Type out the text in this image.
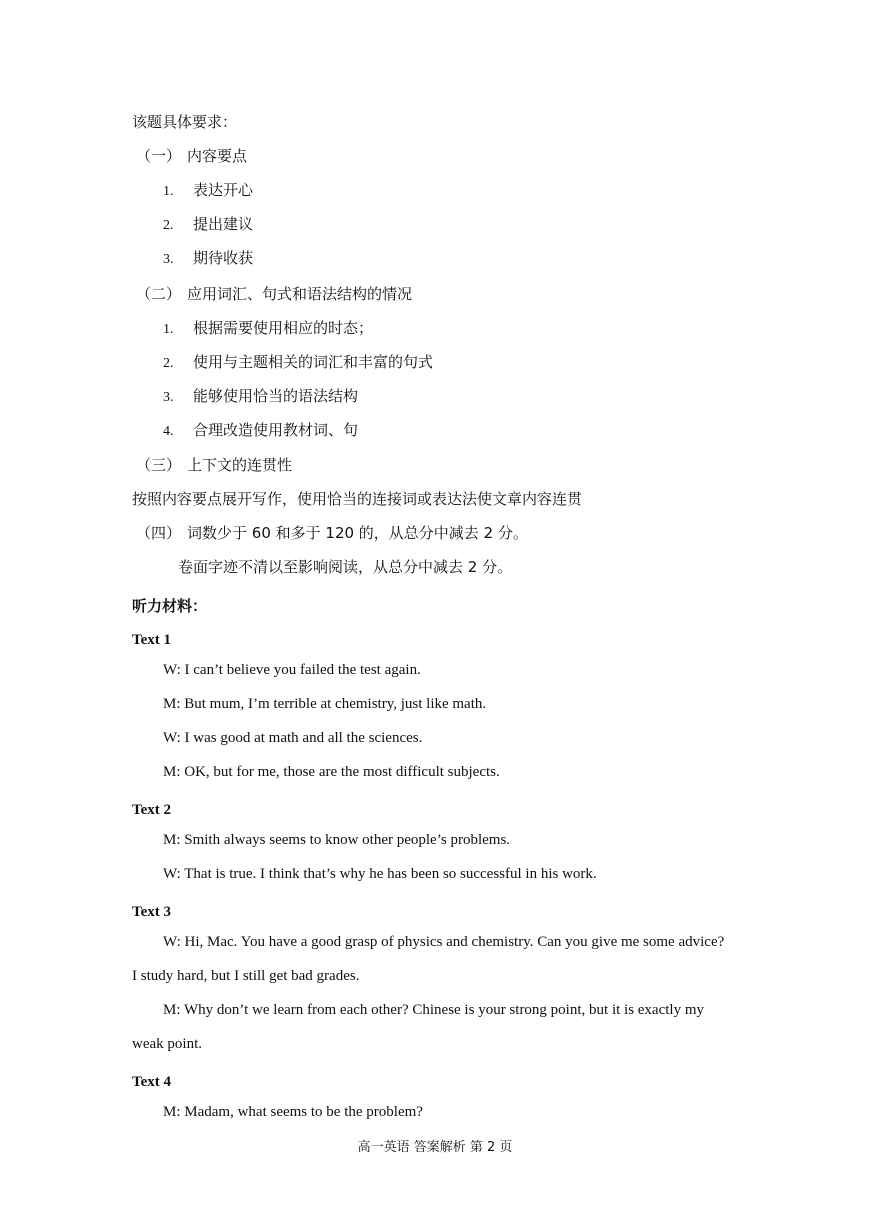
该题具体要求：
（一） 内容要点
1. 表达开心
2. 提出建议
3. 期待收获
（二） 应用词汇、句式和语法结构的情况
1. 根据需要使用相应的时态；
2. 使用与主题相关的词汇和丰富的句式
3. 能够使用恰当的语法结构
4. 合理改造使用教材词、句
（三） 上下文的连贯性
按照内容要点展开写作，使用恰当的连接词或表达法使文章内容连贯
（四） 词数少于 60 和多于 120 的，从总分中减去 2 分。
卷面字迹不清以至影响阅读，从总分中减去 2 分。
听力材料：
Text 1
W: I can’t believe you failed the test again.
M: But mum, I’m terrible at chemistry, just like math.
W: I was good at math and all the sciences.
M: OK, but for me, those are the most difficult subjects.
Text 2
M: Smith always seems to know other people’s problems.
W: That is true. I think that’s why he has been so successful in his work.
Text 3
W: Hi, Mac. You have a good grasp of physics and chemistry. Can you give me some advice?
I study hard, but I still get bad grades.
M: Why don’t we learn from each other? Chinese is your strong point, but it is exactly my
weak point.
Text 4
M: Madam, what seems to be the problem?
高一英语 答案解析 第 2 页
